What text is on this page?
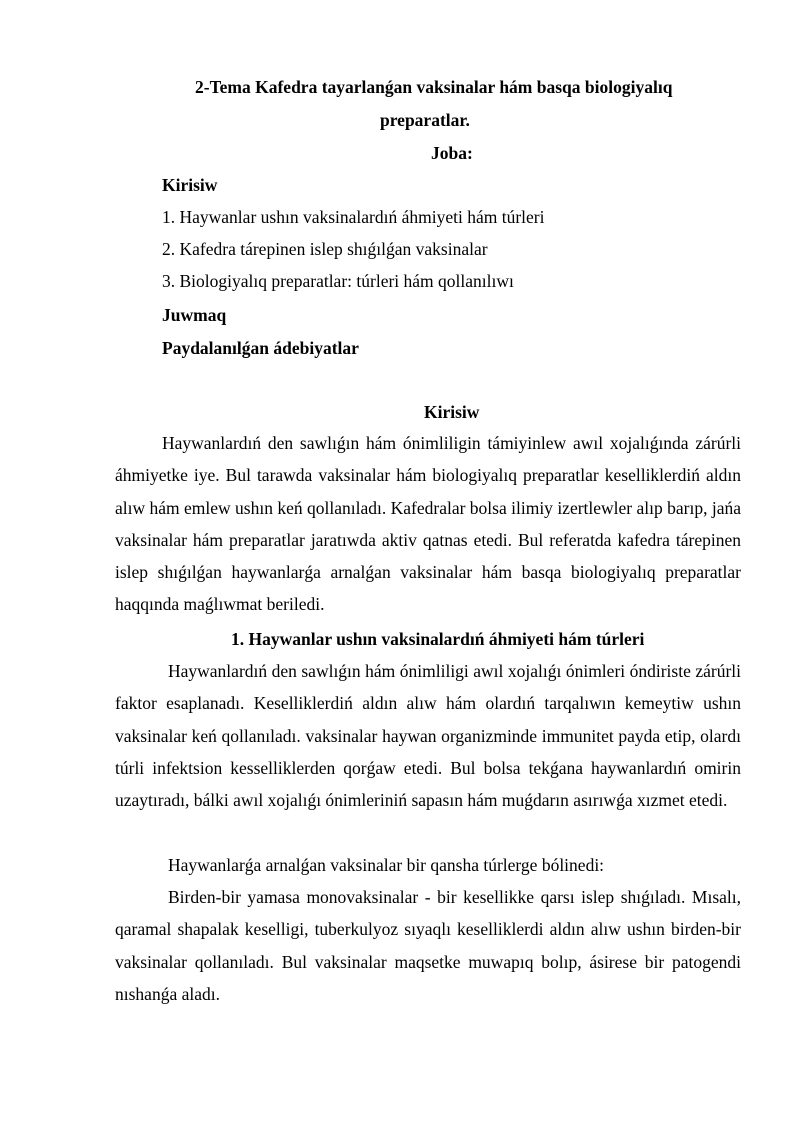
2-Tema Kafedra tayarlanǵan vaksinalar hám basqa biologiyalıq
preparatlar.
Joba:
Kirisiw
1. Haywanlar ushın vaksinalardıń áhmiyeti hám túrleri
2. Kafedra tárepinen islep shıǵılǵan vaksinalar
3. Biologiyalıq preparatlar: túrleri hám qollanılıwı
Juwmaq
Paydalanılǵan ádebiyatlar
Kirisiw

Haywanlardıń den sawlıǵın hám ónimliligin támiyinlew awıl xojalıǵında zárúrli áhmiyetke iye. Bul tarawda vaksinalar hám biologiyalıq preparatlar keselliklerdiń aldın alıw hám emlew ushın keń qollanıladı. Kafedralar bolsa ilimiy izertlewler alıp barıp, jańa vaksinalar hám preparatlar jaratıwda aktiv qatnas etedi. Bul referatda kafedra tárepinen islep shıǵılǵan haywanlarǵa arnalǵan vaksinalar hám basqa biologiyalıq preparatlar haqqında maǵlıwmat beriledi.

1. Haywanlar ushın vaksinalardıń áhmiyeti hám túrleri

Haywanlardıń den sawlıǵın hám ónimliligi awıl xojalıǵı ónimleri óndiriste zárúrli faktor esaplanadı. Keselliklerdiń aldın alıw hám olardıń tarqalıwın kemeytiw ushın vaksinalar keń qollanıladı. vaksinalar haywan organizminde immunitet payda etip, olardı túrli infektsion kesselliklerden qorǵaw etedi. Bul bolsa tekǵana haywanlardıń omirin uzaytıradı, bálki awıl xojalıǵı ónimleriniń sapasın hám muǵdarın asırıwǵa xızmet etedi.

Haywanlarǵa arnalǵan vaksinalar bir qansha túrlerge bólinedi:

Birden-bir yamasa monovaksinalar - bir kesellikke qarsı islep shıǵıladı. Mısalı, qaramal shapalak keselligi, tuberkulyoz sıyaqlı keselliklerdi aldın alıw ushın birden-bir vaksinalar qollanıladı. Bul vaksinalar maqsetke muwapıq bolıp, ásirese bir patogendi nıshanǵa aladı.
